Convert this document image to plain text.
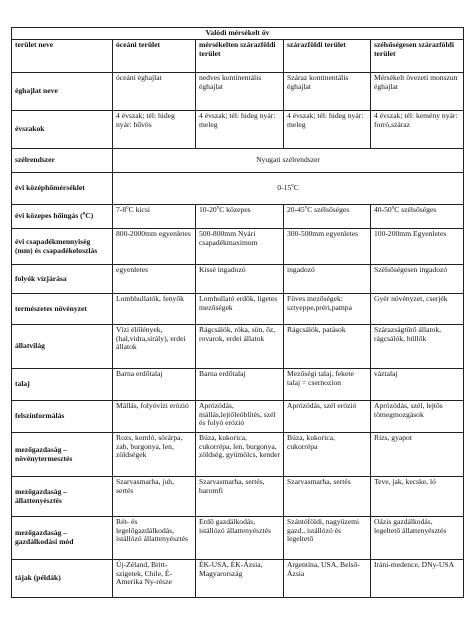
Valódi mérsékelt öv				
terület neve	óceáni terület	mérsékelten szárazföldi terület	szárazföldi terület	szélsőségesen szárazföldi terület
éghajlat neve	óceáni éghajlat	nedves kontinentális éghajlat	Száraz kontinentális éghajlat	Mérsékelt övezeti monszun éghajlat
évszakok	4 évszak; tél: hideg nyár: hűvös	4 évszak; tél: hideg nyár: meleg	4 évszak; tél: hideg nyár: meleg	4 évszak; tél: kemény nyár: forró,száraz
szélrendszer	Nyugati szélrendszer			
évi középhőmérséklet	0-15$^o$C			
évi közepes hőingás ($^o$C)	7-8$^o$C kicsi	10-20$^o$C közepes	20-45$^o$C szélsőséges	40-50$^o$C szélsőséges
évi csapadékmennyiség (mm) és csapadékeloszlás	800-2000mm egyenletes	500-800mm Nyári csapadékmaximum	300-500mm egyenletes	100-200mm Egyenletes
folyók vízjárása	egyenletes	Kissé ingadozó	ingadozó	Szélsőségesen ingadozó
természetes növényzet	Lombhullatók, fenyők	Lomhullató erdők, ligetes mezőségek	Füves mezőségek: sztyeppe,préri,pampa	Gyér növényzet, cserjék
állatvilág	Vízi élőlények, (hal,vidra,sirály), erdei állatok	Rágcsálók, róka, sün, őz, rovarok, erdei állatok	Rágcsálók, patások	Szárazságtűrő állatok, rágcsálók, hüllők
talaj	Barna erdőtalaj	Barna erdőtalaj	Mezőségi talaj, fekete talaj = csernozion	váztalaj
felszínformálás	Mállás, folyóvízi erózió	Aprózódás, mállás,lejtőleöblítés, szél és folyó erózió	Aprózódás, szél erózió	Aprózódás, szél, lejtős tömegmozgások
mezőgazdaság – növénytermesztés	Rozs, komló, sörárpa, zab, burgonya, len, zöldségek	Búza, kukorica, cukorrépa, len, burgonya, zöldség, gyümölcs, kender	Búza, kukorica, cukorrépa	Rizs, gyapot
mezőgazdaság – állattenyésztés	Szarvasmarha, juh, sertés	Szarvasmarha, sertés, baromfi	Szarvasmarha, sertés	Teve, jak, kecske, ló
mezőgazdaság – gazdálkodási mód	Rét- és legelőgazdálkodás, istállózó állattenyésztés	Erdő gazdálkodás, istállózó állattenyésztés	Szántóföldi, nagyüzemi gazd., istállózó és legeltető	Oázis gazdálkodás, legeltető állattenyésztés
tájak (példák)	Új-Zéland, Britt-szigetek, Chile, É-Amerika Ny-része	ÉK-USA, ÉK-Ázsia, Magyarország	Argentína, USA, Belső-Ázsia	Iráni-medence, DNy-USA
